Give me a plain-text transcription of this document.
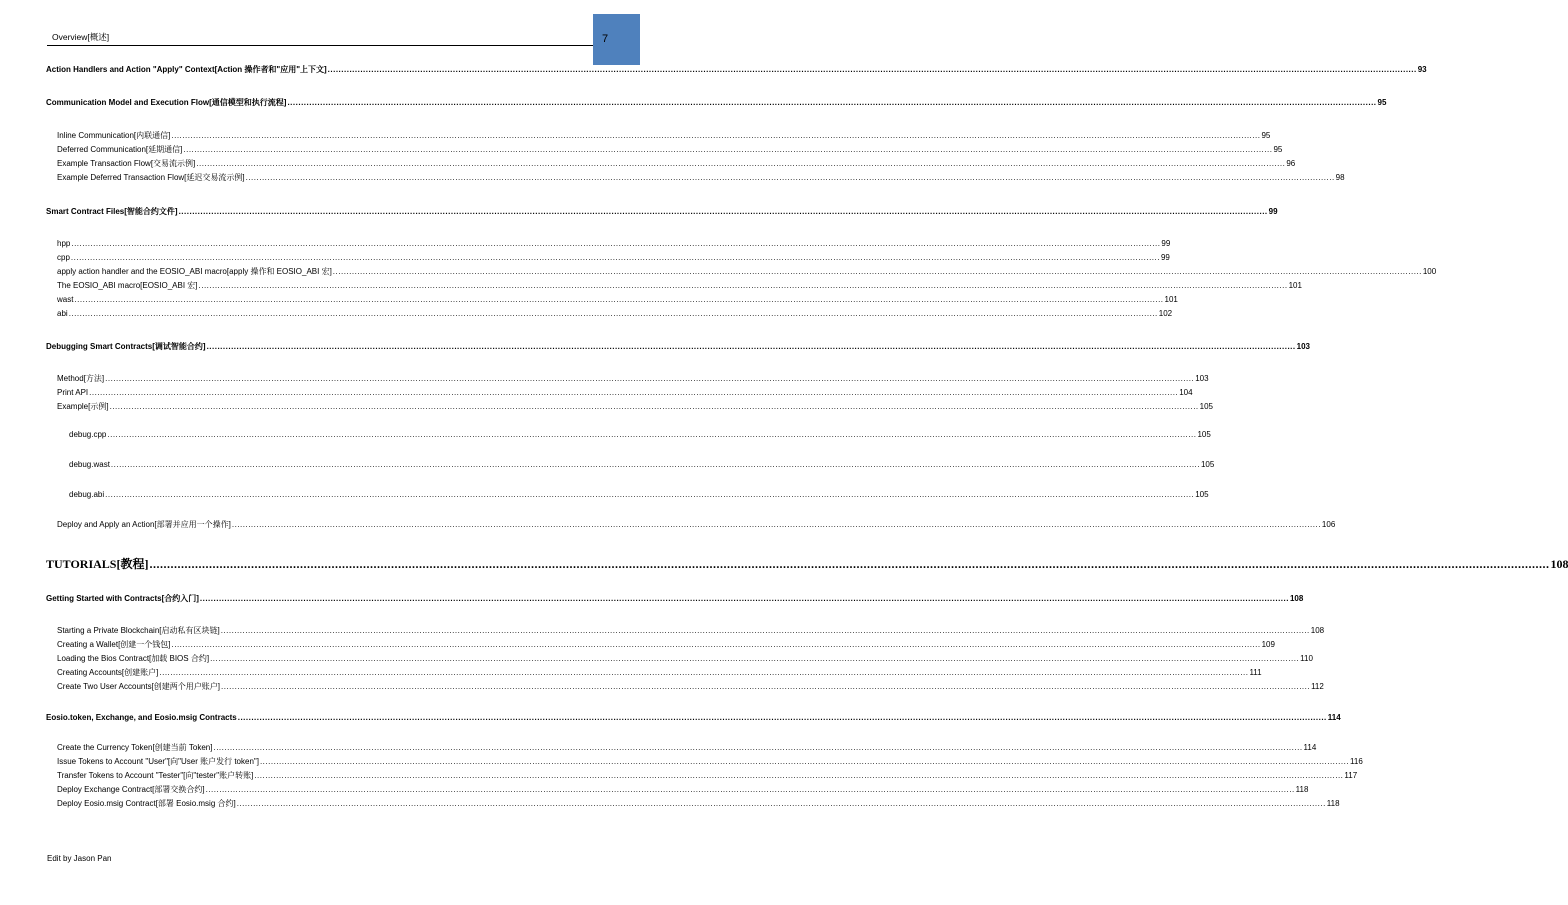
7
Overview[概述]
Action Handlers and Action "Apply" Context[Action 操作者和"应用"上下文] ................................................................................................................................................................................................................................................................................................................................................................................................................ 93
Communication Model and Execution Flow[通信模型和执行流程] ................................................................................................................................................................................................................................................................................................................................................................................................................ 95
Inline Communication[内联通信] ................................................................................................................................................................................................................................................................................................................................................................................................................ 95
Deferred Communication[延期通信] ................................................................................................................................................................................................................................................................................................................................................................................................................ 95
Example Transaction Flow[交易流示例] ................................................................................................................................................................................................................................................................................................................................................................................................................ 96
Example Deferred Transaction Flow[延迟交易流示例] ................................................................................................................................................................................................................................................................................................................................................................................................................ 98
Smart Contract Files[智能合约文件] ................................................................................................................................................................................................................................................................................................................................................................................................................ 99
hpp ................................................................................................................................................................................................................................................................................................................................................................................................................ 99
cpp ................................................................................................................................................................................................................................................................................................................................................................................................................ 99
apply action handler and the EOSIO_ABI macro[apply 操作和 EOSIO_ABI 宏] ................................................................................................................................................................................................................................................................................................................................................................................................................ 100
The EOSIO_ABI macro[EOSIO_ABI 宏] ................................................................................................................................................................................................................................................................................................................................................................................................................ 101
wast ................................................................................................................................................................................................................................................................................................................................................................................................................ 101
abi ................................................................................................................................................................................................................................................................................................................................................................................................................ 102
Debugging Smart Contracts[调试智能合约] ................................................................................................................................................................................................................................................................................................................................................................................................................ 103
Method[方法] ................................................................................................................................................................................................................................................................................................................................................................................................................ 103
Print API ................................................................................................................................................................................................................................................................................................................................................................................................................ 104
Example[示例] ................................................................................................................................................................................................................................................................................................................................................................................................................ 105
debug.cpp ................................................................................................................................................................................................................................................................................................................................................................................................................ 105
debug.wast ................................................................................................................................................................................................................................................................................................................................................................................................................ 105
debug.abi ................................................................................................................................................................................................................................................................................................................................................................................................................ 105
Deploy and Apply an Action[部署并应用一个操作] ................................................................................................................................................................................................................................................................................................................................................................................................................ 106
TUTORIALS[教程] ................................................................................................................................................................................................................................................................................................................................................................................................................ 108
Getting Started with Contracts[合约入门] ................................................................................................................................................................................................................................................................................................................................................................................................................ 108
Starting a Private Blockchain[启动私有区块链] ................................................................................................................................................................................................................................................................................................................................................................................................................ 108
Creating a Wallet[创建一个钱包] ................................................................................................................................................................................................................................................................................................................................................................................................................ 109
Loading the Bios Contract[加载 BIOS 合约] ................................................................................................................................................................................................................................................................................................................................................................................................................ 110
Creating Accounts[创建账户] ................................................................................................................................................................................................................................................................................................................................................................................................................ 111
Create Two User Accounts[创建两个用户账户] ................................................................................................................................................................................................................................................................................................................................................................................................................ 112
Eosio.token, Exchange, and Eosio.msig Contracts ................................................................................................................................................................................................................................................................................................................................................................................................................ 114
Create the Currency Token[创建当前 Token] ................................................................................................................................................................................................................................................................................................................................................................................................................ 114
Issue Tokens to Account "User"[向"User 账户发行 token"] ................................................................................................................................................................................................................................................................................................................................................................................................................ 116
Transfer Tokens to Account "Tester"[向"tester"账户转账] ................................................................................................................................................................................................................................................................................................................................................................................................................ 117
Deploy Exchange Contract[部署交换合约] ................................................................................................................................................................................................................................................................................................................................................................................................................ 118
Deploy Eosio.msig Contract[部署 Eosio.msig 合约] ................................................................................................................................................................................................................................................................................................................................................................................................................ 118
Edit by Jason Pan
